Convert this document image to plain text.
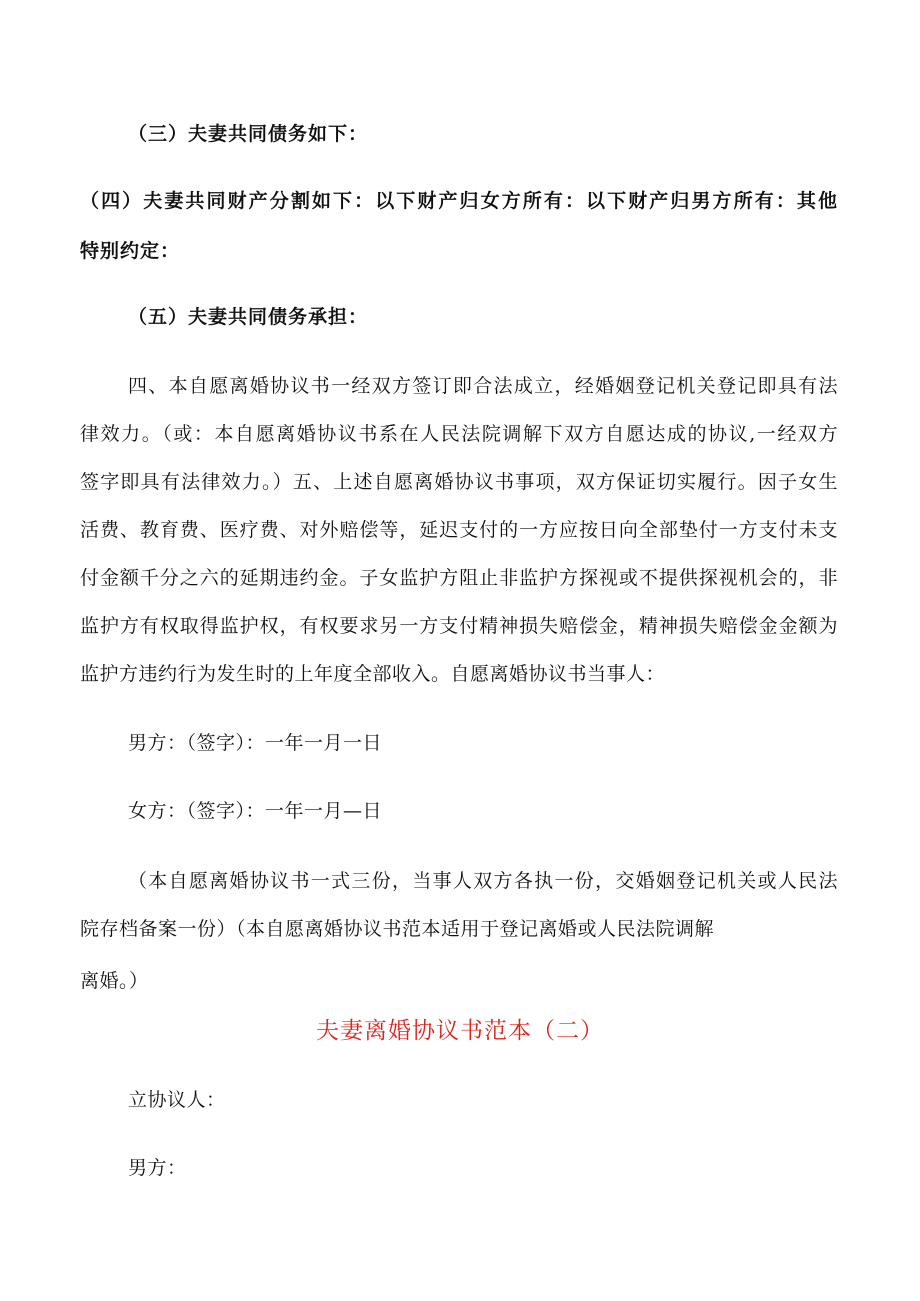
（三）夫妻共同债务如下：
（四）夫妻共同财产分割如下：以下财产归女方所有：以下财产归男方所有：其他
特别约定：
（五）夫妻共同债务承担：
四、本自愿离婚协议书一经双方签订即合法成立，经婚姻登记机关登记即具有法
律效力。（或：本自愿离婚协议书系在人民法院调解下双方自愿达成的协议,一经双方
签字即具有法律效力。）五、上述自愿离婚协议书事项，双方保证切实履行。因子女生
活费、教育费、医疗费、对外赔偿等，延迟支付的一方应按日向全部垫付一方支付未支
付金额千分之六的延期违约金。子女监护方阻止非监护方探视或不提供探视机会的，非
监护方有权取得监护权，有权要求另一方支付精神损失赔偿金，精神损失赔偿金金额为
监护方违约行为发生时的上年度全部收入。自愿离婚协议书当事人：
男方：（签字）：一年一月一日
女方：（签字）：一年一月—日
（本自愿离婚协议书一式三份，当事人双方各执一份，交婚姻登记机关或人民法
院存档备案一份）（本自愿离婚协议书范本适用于登记离婚或人民法院调解
离婚。）
夫妻离婚协议书范本（二）
立协议人：
男方：
